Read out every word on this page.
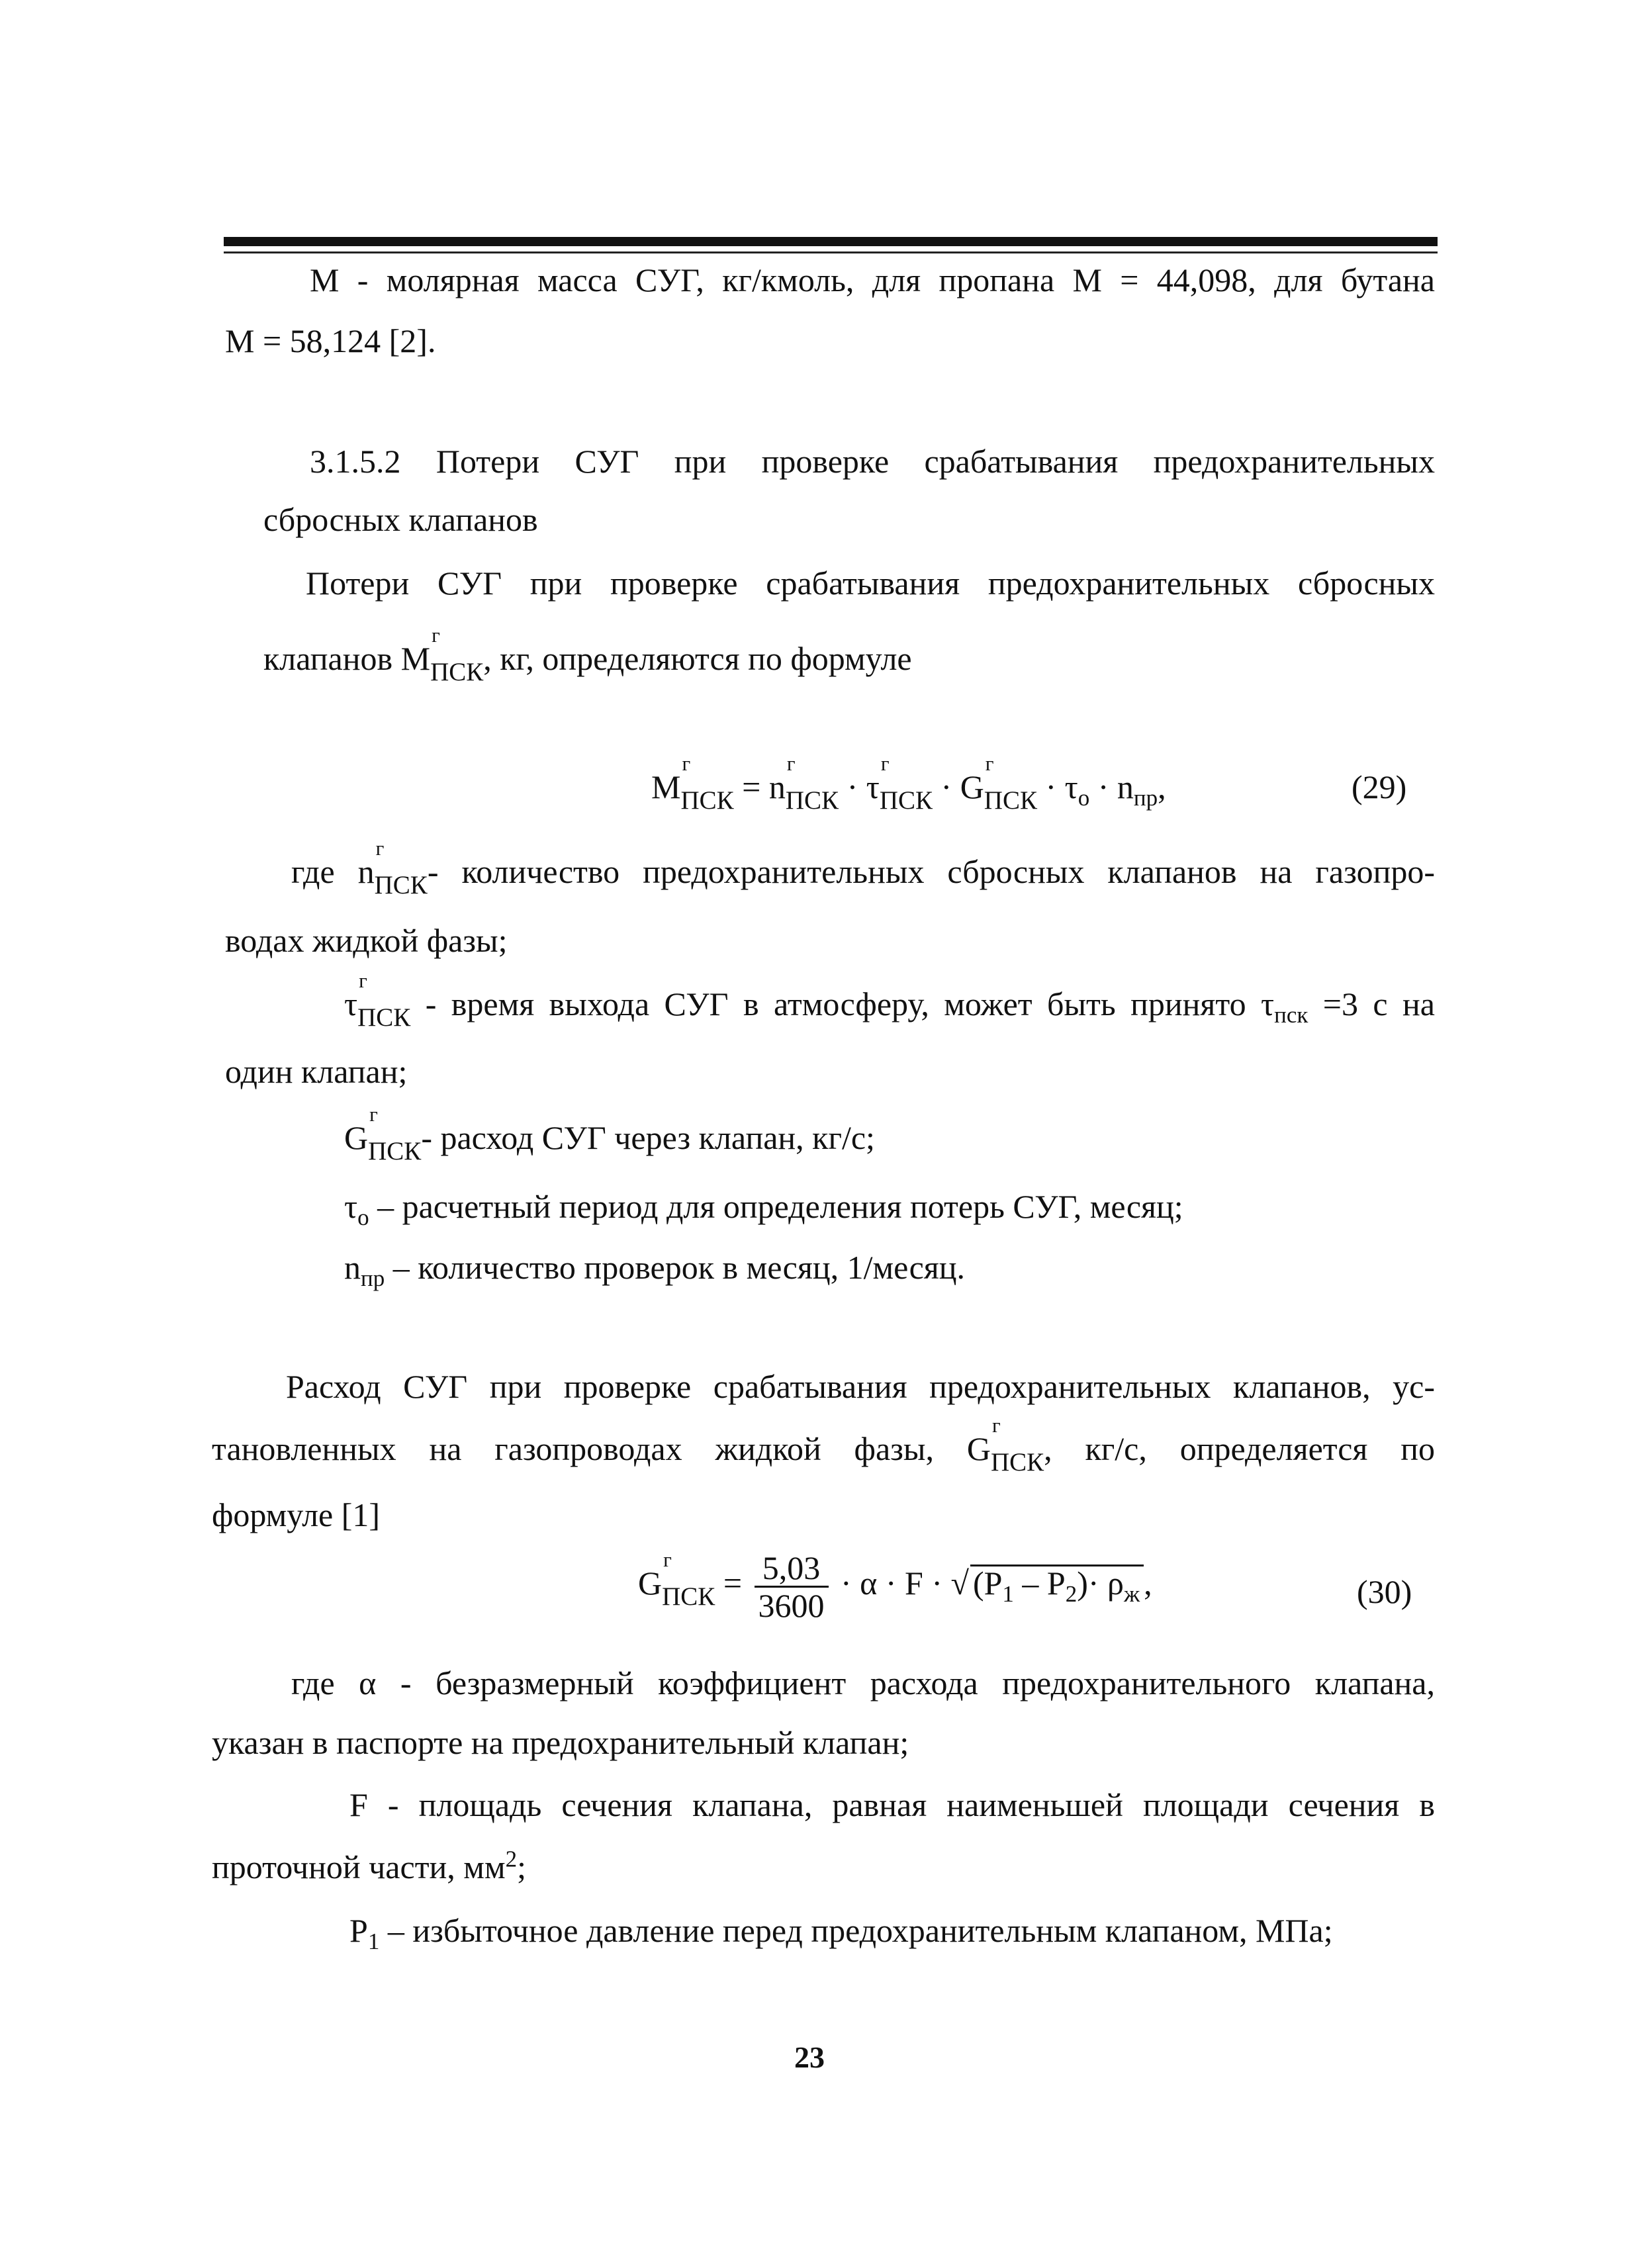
М - молярная масса СУГ, кг/кмоль, для пропана М = 44,098, для бутана
М = 58,124 [2].
3.1.5.2 Потери СУГ при проверке срабатывания предохранительных
сбросных клапанов
Потери СУГ при проверке срабатывания предохранительных сбросных
клапанов М
г
$_{ПСК}$, кг, определяются по формуле
М
г
$_{ПСК}$ = n
г
$_{ПСК}$ · τ
г
$_{ПСК}$ · G
г
$_{ПСК} \cdot \tau_о \cdot n_{пр}$,	(29)
где n
г
$_{ПСК}$- количество предохранительных сбросных клапанов на газопро-
водах жидкой фазы;
τ
г
$_{ПСК}$ - время выхода СУГ в атмосферу, может быть принято $\tau_{пск} =3$ с на
один клапан;
G
г
$_{ПСК}$- расход СУГ через клапан, кг/с;
$\tau_о$ – расчетный период для определения потерь СУГ, месяц;
$n_{пр}$ – количество проверок в месяц, 1/месяц.
Расход СУГ при проверке срабатывания предохранительных клапанов, ус-
тановленных на газопроводах жидкой фазы, G
г
$_{ПСК}$, кг/с, определяется по
формуле [1]
G
г
$_{ПСК} = \frac{5,03}{3600} \cdot \alpha \cdot F$ · √ $(P_1 - P_2)\cdot \rho_ж$ ,	(30)
где α - безразмерный коэффициент расхода предохранительного клапана,
указан в паспорте на предохранительный клапан;
F - площадь сечения клапана, равная наименьшей площади сечения в
проточной части, $мм^2$;
$P_1$ – избыточное давление перед предохранительным клапаном, МПа;
23
